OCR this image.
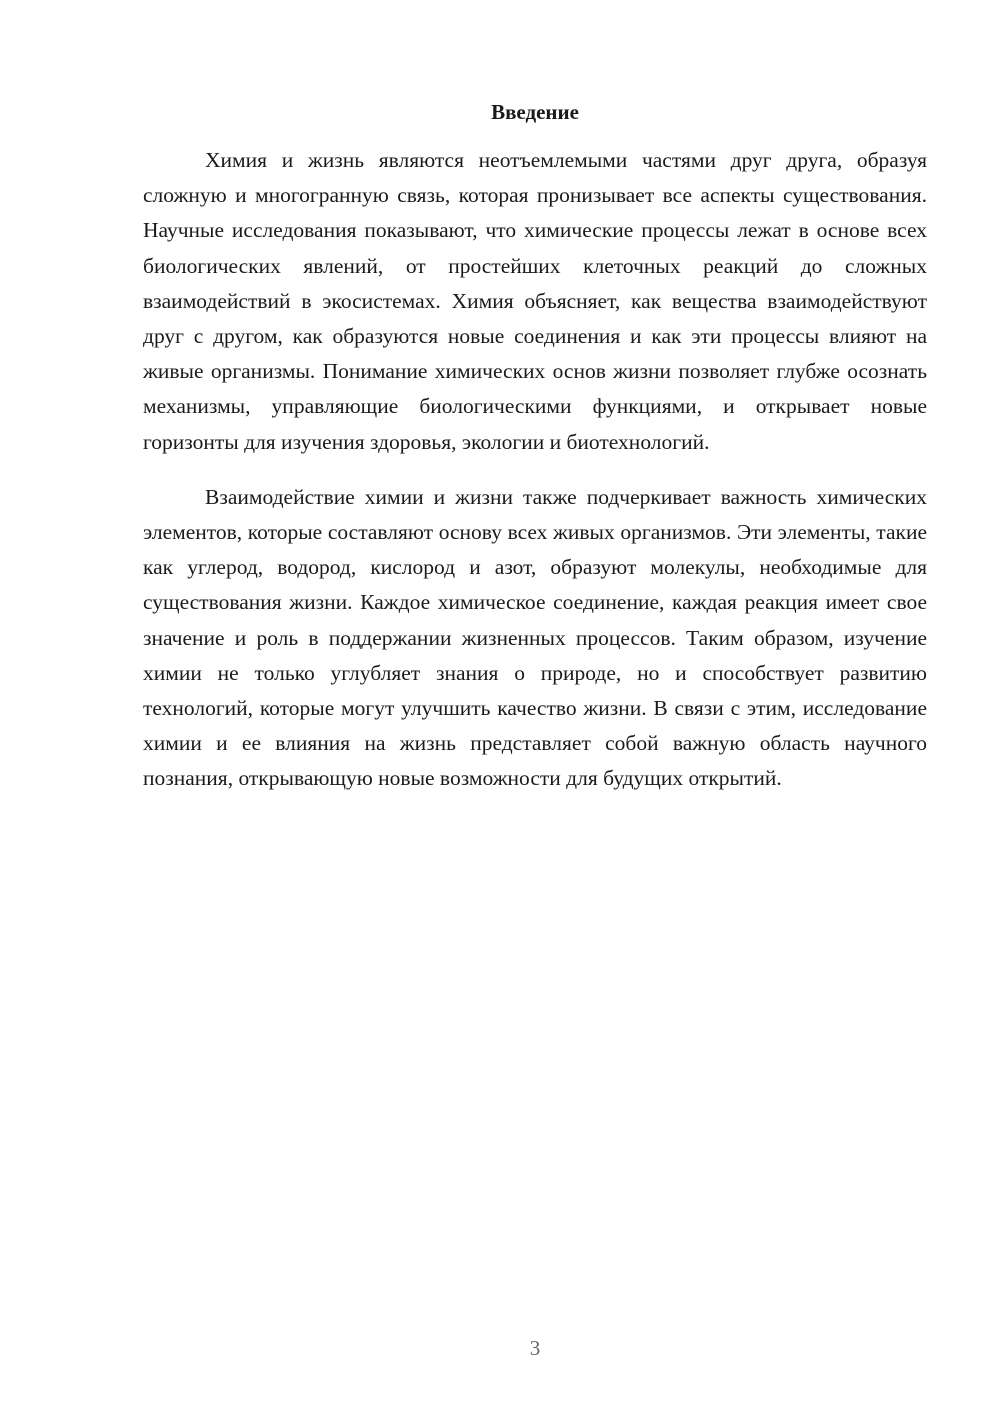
Введение

Химия и жизнь являются неотъемлемыми частями друг друга, образуя сложную и многогранную связь, которая пронизывает все аспекты существования. Научные исследования показывают, что химические процессы лежат в основе всех биологических явлений, от простейших клеточных реакций до сложных взаимодействий в экосистемах. Химия объясняет, как вещества взаимодействуют друг с другом, как образуются новые соединения и как эти процессы влияют на живые организмы. Понимание химических основ жизни позволяет глубже осознать механизмы, управляющие биологическими функциями, и открывает новые горизонты для изучения здоровья, экологии и биотехнологий.

Взаимодействие химии и жизни также подчеркивает важность химических элементов, которые составляют основу всех живых организмов. Эти элементы, такие как углерод, водород, кислород и азот, образуют молекулы, необходимые для существования жизни. Каждое химическое соединение, каждая реакция имеет свое значение и роль в поддержании жизненных процессов. Таким образом, изучение химии не только углубляет знания о природе, но и способствует развитию технологий, которые могут улучшить качество жизни. В связи с этим, исследование химии и ее влияния на жизнь представляет собой важную область научного познания, открывающую новые возможности для будущих открытий.

3
